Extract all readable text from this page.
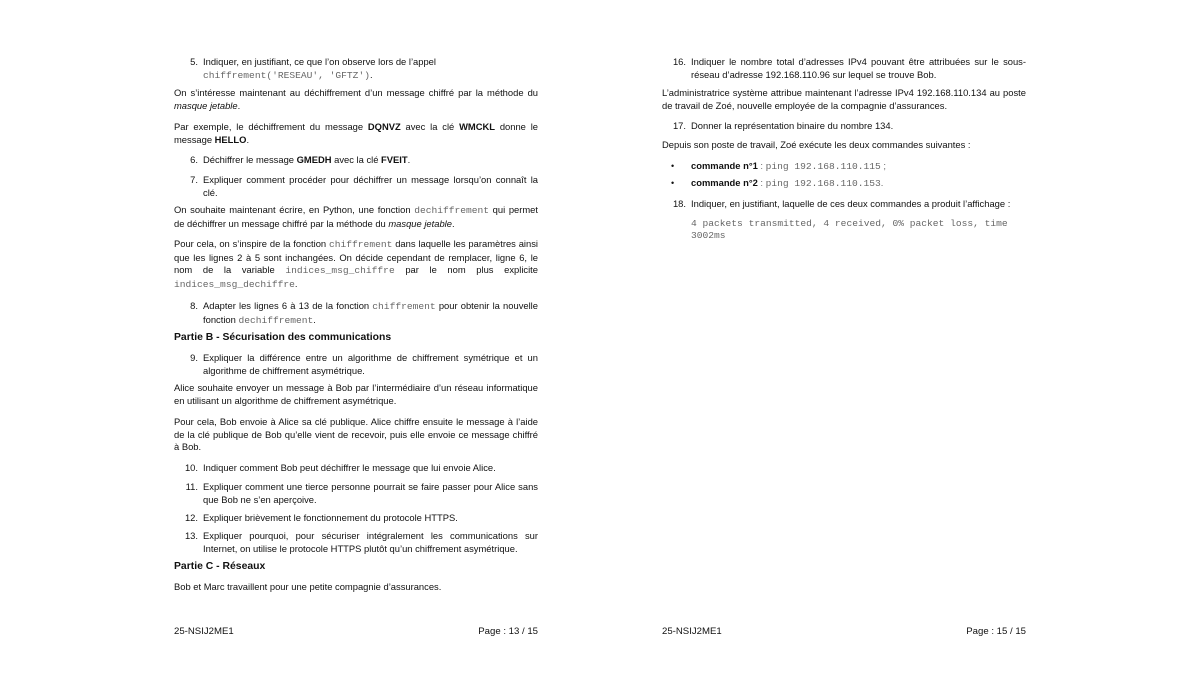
5. Indiquer, en justifiant, ce que l’on observe lors de l’appel
chiffrement('RESEAU', 'GFTZ').

On s’intéresse maintenant au déchiffrement d’un message chiffré par la méthode du masque jetable.

Par exemple, le déchiffrement du message DQNVZ avec la clé WMCKL donne le message HELLO.

6. Déchiffrer le message GMEDH avec la clé FVEIT.
7. Expliquer comment procéder pour déchiffrer un message lorsqu’on connaît la clé.

On souhaite maintenant écrire, en Python, une fonction dechiffrement qui permet de déchiffrer un message chiffré par la méthode du masque jetable.

Pour cela, on s’inspire de la fonction chiffrement dans laquelle les paramètres ainsi que les lignes 2 à 5 sont inchangées. On décide cependant de remplacer, ligne 6, le nom de la variable indices_msg_chiffre par le nom plus explicite indices_msg_dechiffre.

8. Adapter les lignes 6 à 13 de la fonction chiffrement pour obtenir la nouvelle fonction dechiffrement.
Partie B - Sécurisation des communications
9. Expliquer la différence entre un algorithme de chiffrement symétrique et un algorithme de chiffrement asymétrique.

Alice souhaite envoyer un message à Bob par l’intermédiaire d’un réseau informatique en utilisant un algorithme de chiffrement asymétrique.

Pour cela, Bob envoie à Alice sa clé publique. Alice chiffre ensuite le message à l’aide de la clé publique de Bob qu’elle vient de recevoir, puis elle envoie ce message chiffré à Bob.

10. Indiquer comment Bob peut déchiffrer le message que lui envoie Alice.
11. Expliquer comment une tierce personne pourrait se faire passer pour Alice sans que Bob ne s’en aperçoive.
12. Expliquer brièvement le fonctionnement du protocole HTTPS.
13. Expliquer pourquoi, pour sécuriser intégralement les communications sur Internet, on utilise le protocole HTTPS plutôt qu’un chiffrement asymétrique.
Partie C - Réseaux

Bob et Marc travaillent pour une petite compagnie d’assurances.

25-NSIJ2ME1	Page : 13 / 15
16. Indiquer le nombre total d’adresses IPv4 pouvant être attribuées sur le sous-réseau d’adresse 192.168.110.96 sur lequel se trouve Bob.

L’administratrice système attribue maintenant l’adresse IPv4 192.168.110.134 au poste de travail de Zoé, nouvelle employée de la compagnie d’assurances.

17. Donner la représentation binaire du nombre 134.

Depuis son poste de travail, Zoé exécute les deux commandes suivantes :

• commande n°1 : ping 192.168.110.115 ;
• commande n°2 : ping 192.168.110.153.
18. Indiquer, en justifiant, laquelle de ces deux commandes a produit l’affichage :
4 packets transmitted, 4 received, 0% packet loss, time 3002ms
25-NSIJ2ME1	Page : 15 / 15
